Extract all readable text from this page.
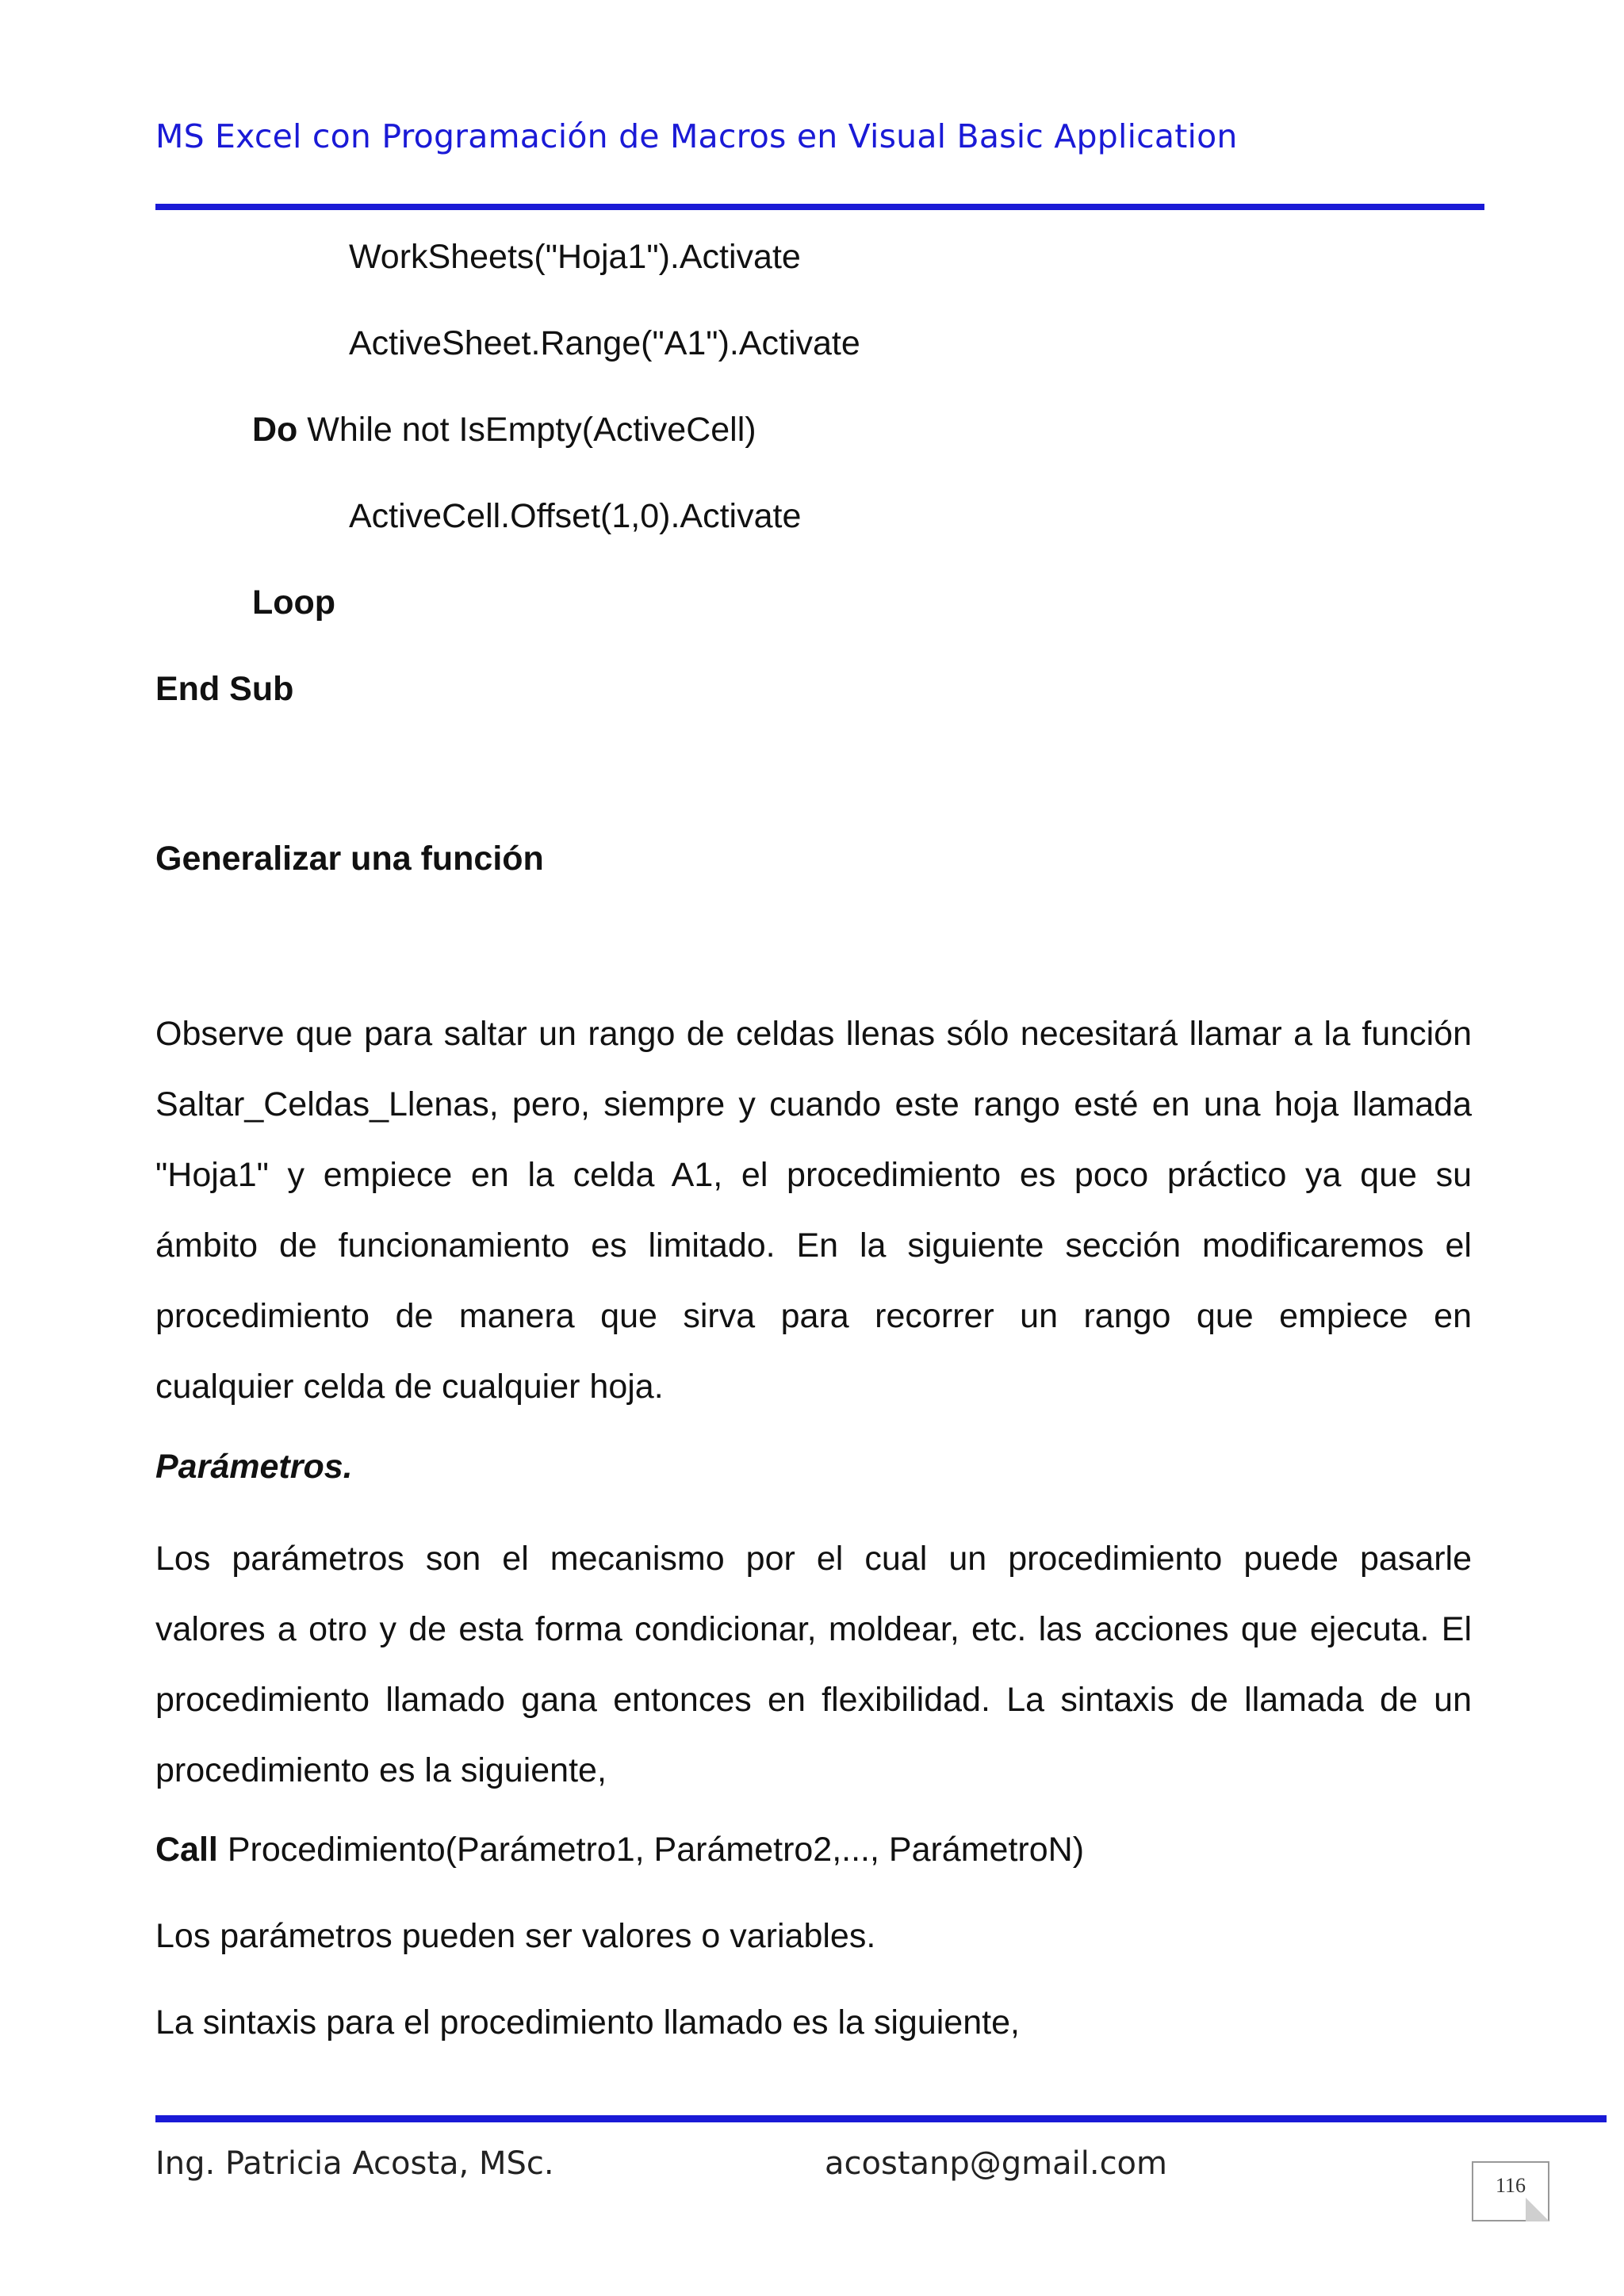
MS Excel con Programación de Macros en Visual Basic Application
WorkSheets("Hoja1").Activate
ActiveSheet.Range("A1").Activate
Do While not IsEmpty(ActiveCell)
ActiveCell.Offset(1,0).Activate
Loop
End Sub
Generalizar una función
Observe que para saltar un rango de celdas llenas sólo necesitará llamar a la función
Saltar_Celdas_Llenas, pero, siempre y cuando este rango esté en una hoja llamada
"Hoja1" y empiece en la celda A1, el procedimiento es poco práctico ya que su
ámbito de funcionamiento es limitado. En la siguiente sección modificaremos el
procedimiento de manera que sirva para recorrer un rango que empiece en
cualquier celda de cualquier hoja.
Parámetros.
Los parámetros son el mecanismo por el cual un procedimiento puede pasarle
valores a otro y de esta forma condicionar, moldear, etc. las acciones que ejecuta. El
procedimiento llamado gana entonces en flexibilidad. La sintaxis de llamada de un
procedimiento es la siguiente,
Call Procedimiento(Parámetro1, Parámetro2,..., ParámetroN)
Los parámetros pueden ser valores o variables.
La sintaxis para el procedimiento llamado es la siguiente,
Ing. Patricia Acosta, MSc.	acostanp@gmail.com
116
